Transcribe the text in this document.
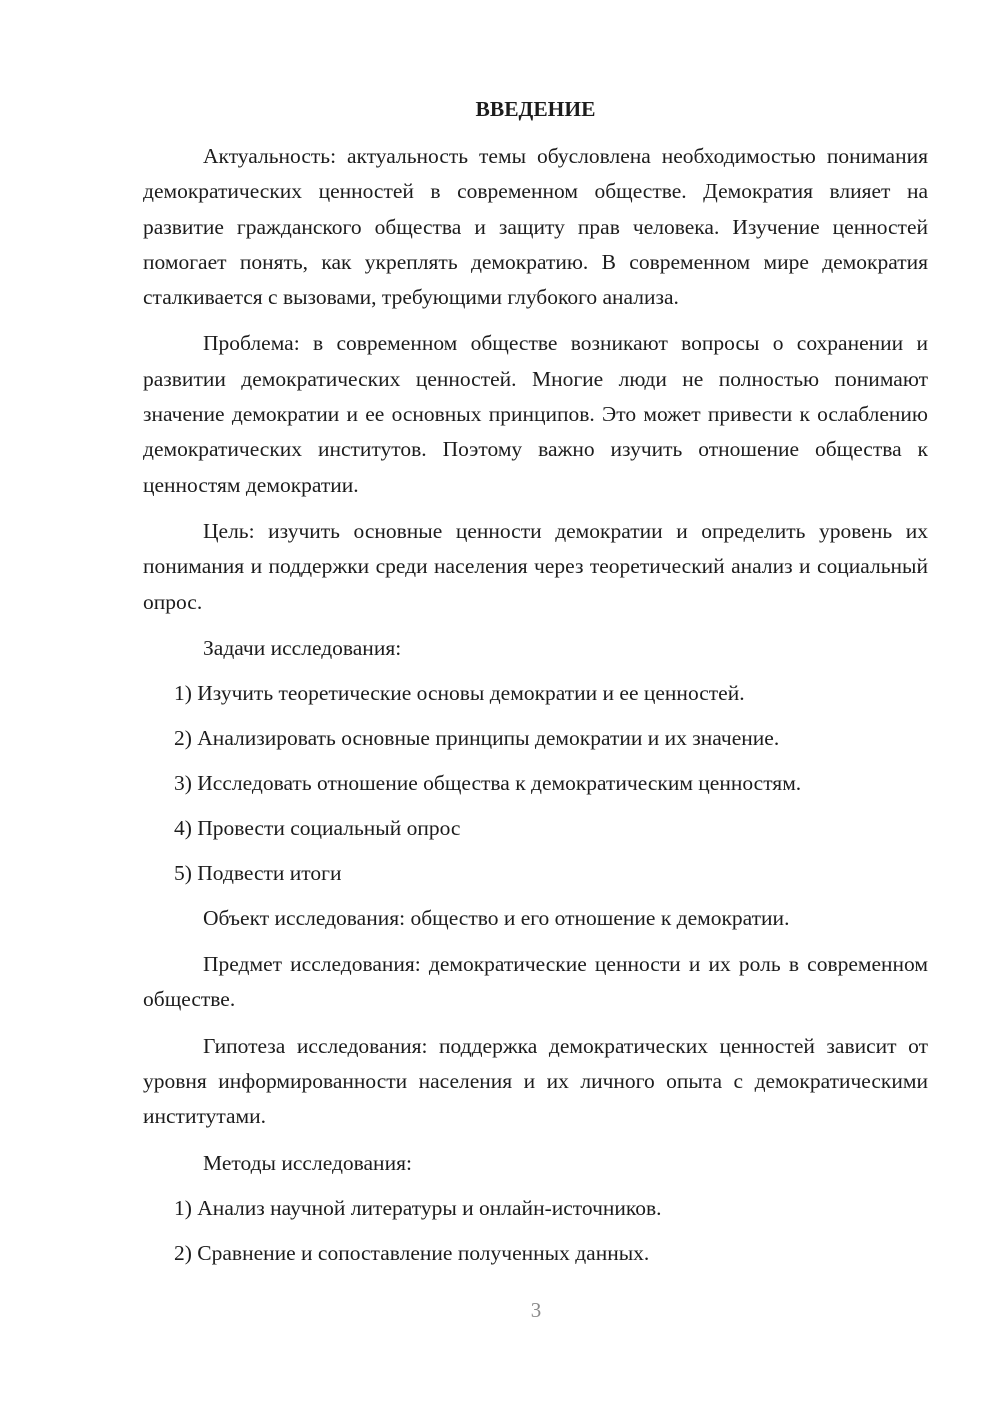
ВВЕДЕНИЕ

Актуальность: актуальность темы обусловлена необходимостью понимания демократических ценностей в современном обществе. Демократия влияет на развитие гражданского общества и защиту прав человека. Изучение ценностей помогает понять, как укреплять демократию. В современном мире демократия сталкивается с вызовами, требующими глубокого анализа.

Проблема: в современном обществе возникают вопросы о сохранении и развитии демократических ценностей. Многие люди не полностью понимают значение демократии и ее основных принципов. Это может привести к ослаблению демократических институтов. Поэтому важно изучить отношение общества к ценностям демократии.

Цель: изучить основные ценности демократии и определить уровень их понимания и поддержки среди населения через теоретический анализ и социальный опрос.

Задачи исследования:
1) Изучить теоретические основы демократии и ее ценностей.
2) Анализировать основные принципы демократии и их значение.
3) Исследовать отношение общества к демократическим ценностям.
4) Провести социальный опрос
5) Подвести итоги

Объект исследования: общество и его отношение к демократии.

Предмет исследования: демократические ценности и их роль в современном обществе.

Гипотеза исследования: поддержка демократических ценностей зависит от уровня информированности населения и их личного опыта с демократическими институтами.

Методы исследования:
1) Анализ научной литературы и онлайн-источников.
2) Сравнение и сопоставление полученных данных.
3
